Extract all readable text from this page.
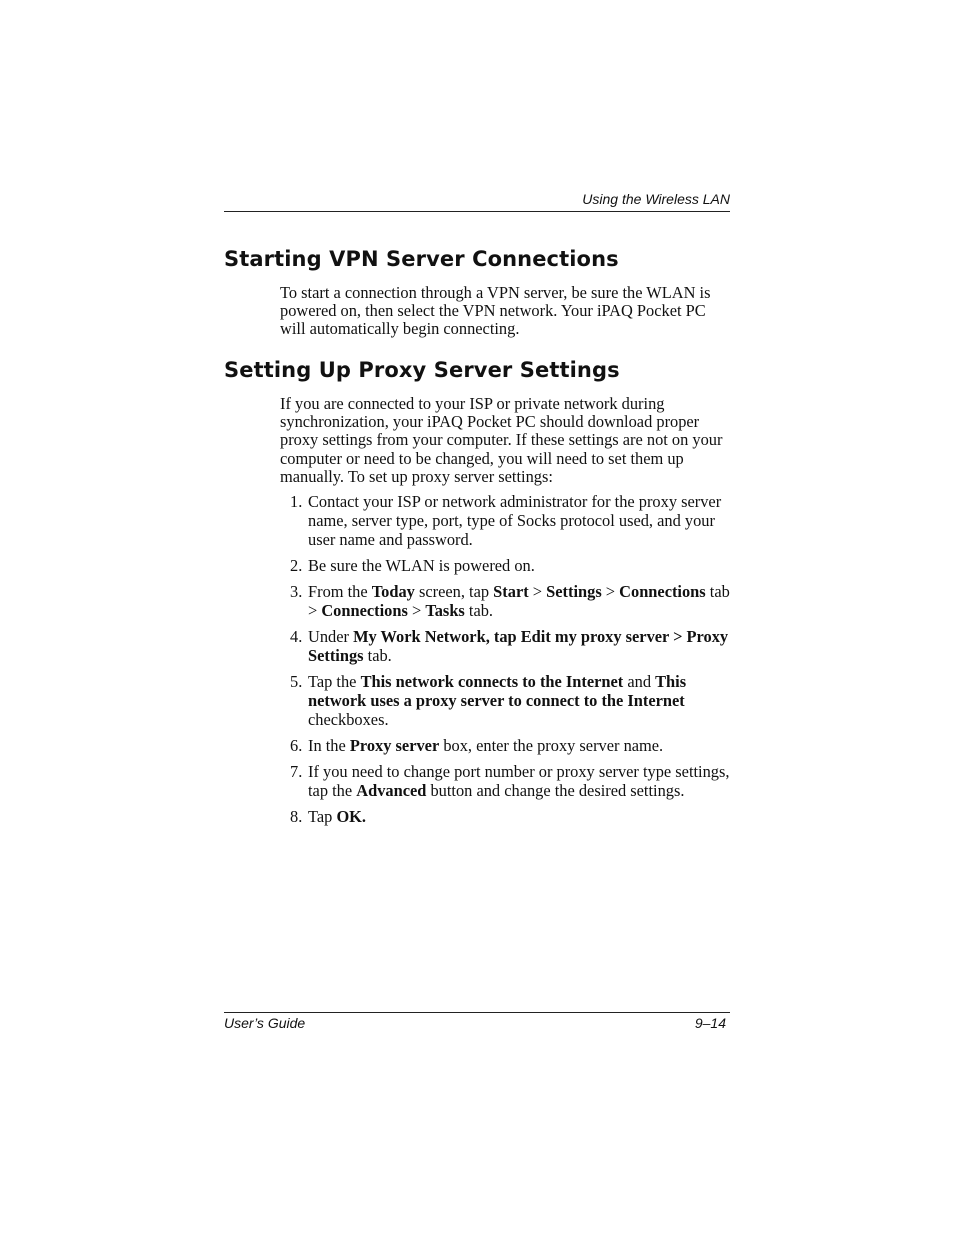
Using the Wireless LAN
Starting VPN Server Connections

To start a connection through a VPN server, be sure the WLAN is powered on, then select the VPN network. Your iPAQ Pocket PC will automatically begin connecting.

Setting Up Proxy Server Settings

If you are connected to your ISP or private network during synchronization, your iPAQ Pocket PC should download proper proxy settings from your computer. If these settings are not on your computer or need to be changed, you will need to set them up manually. To set up proxy server settings:

1. Contact your ISP or network administrator for the proxy server name, server type, port, type of Socks protocol used, and your user name and password.
2. Be sure the WLAN is powered on.
3. From the Today screen, tap Start > Settings > Connections tab > Connections > Tasks tab.
4. Under My Work Network, tap Edit my proxy server > Proxy Settings tab.
5. Tap the This network connects to the Internet and This network uses a proxy server to connect to the Internet checkboxes.
6. In the Proxy server box, enter the proxy server name.
7. If you need to change port number or proxy server type settings, tap the Advanced button and change the desired settings.
8. Tap OK.
User’s Guide	9–14
